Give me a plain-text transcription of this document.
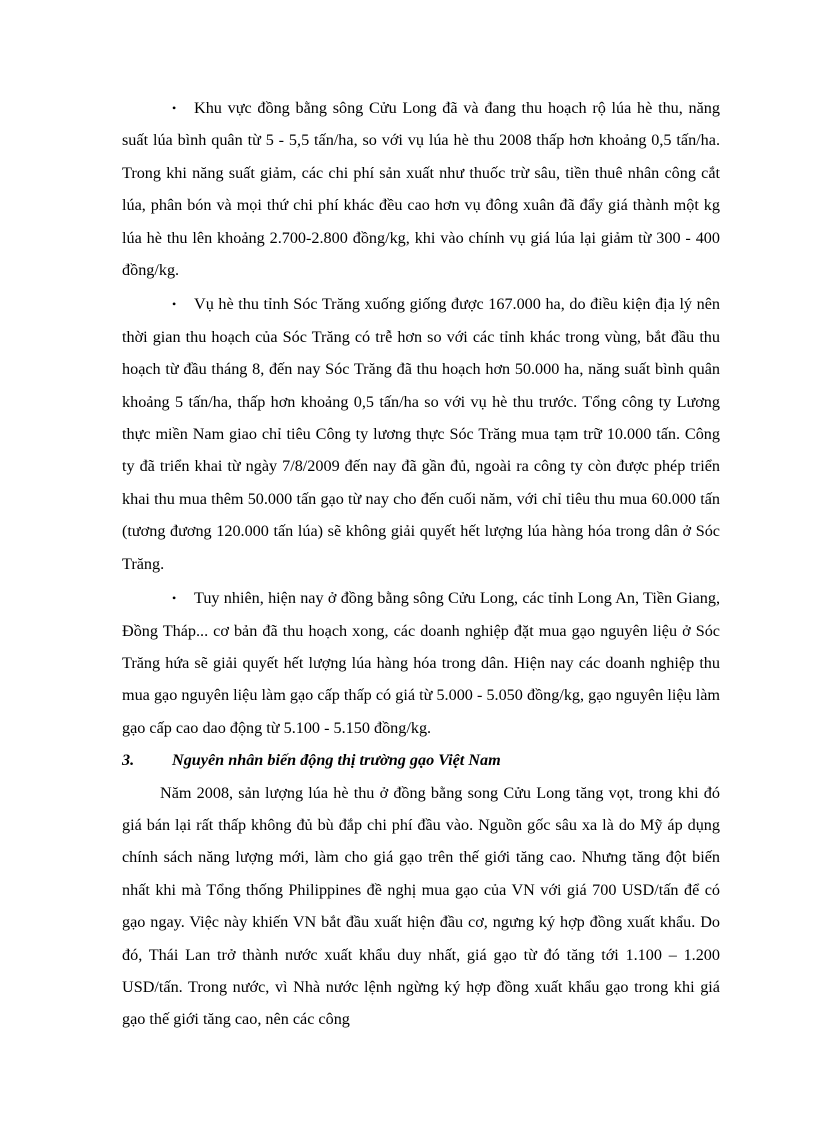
• Khu vực đồng bằng sông Cửu Long đã và đang thu hoạch rộ lúa hè thu, năng suất lúa bình quân từ 5 - 5,5 tấn/ha, so với vụ lúa hè thu 2008 thấp hơn khoảng 0,5 tấn/ha. Trong khi năng suất giảm, các chi phí sản xuất như thuốc trừ sâu, tiền thuê nhân công cắt lúa, phân bón và mọi thứ chi phí khác đều cao hơn vụ đông xuân đã đẩy giá thành một kg lúa hè thu lên khoảng 2.700-2.800 đồng/kg, khi vào chính vụ giá lúa lại giảm từ 300 - 400 đồng/kg.

• Vụ hè thu tỉnh Sóc Trăng xuống giống được 167.000 ha, do điều kiện địa lý nên thời gian thu hoạch của Sóc Trăng có trễ hơn so với các tỉnh khác trong vùng, bắt đầu thu hoạch từ đầu tháng 8, đến nay Sóc Trăng đã thu hoạch hơn 50.000 ha, năng suất bình quân khoảng 5 tấn/ha, thấp hơn khoảng 0,5 tấn/ha so với vụ hè thu trước. Tổng công ty Lương thực miền Nam giao chỉ tiêu Công ty lương thực Sóc Trăng mua tạm trữ 10.000 tấn. Công ty đã triển khai từ ngày 7/8/2009 đến nay đã gần đủ, ngoài ra công ty còn được phép triển khai thu mua thêm 50.000 tấn gạo từ nay cho đến cuối năm, với chỉ tiêu thu mua 60.000 tấn (tương đương 120.000 tấn lúa) sẽ không giải quyết hết lượng lúa hàng hóa trong dân ở Sóc Trăng.

• Tuy nhiên, hiện nay ở đồng bằng sông Cửu Long, các tỉnh Long An, Tiền Giang, Đồng Tháp... cơ bản đã thu hoạch xong, các doanh nghiệp đặt mua gạo nguyên liệu ở Sóc Trăng hứa sẽ giải quyết hết lượng lúa hàng hóa trong dân. Hiện nay các doanh nghiệp thu mua gạo nguyên liệu làm gạo cấp thấp có giá từ 5.000 - 5.050 đồng/kg, gạo nguyên liệu làm gạo cấp cao dao động từ 5.100 - 5.150 đồng/kg.

3.	Nguyên nhân biến động thị trường gạo Việt Nam

Năm 2008, sản lượng lúa hè thu ở đồng bằng song Cửu Long tăng vọt, trong khi đó giá bán lại rất thấp không đủ bù đắp chi phí đầu vào. Nguồn gốc sâu xa là do Mỹ áp dụng chính sách năng lượng mới, làm cho giá gạo trên thế giới tăng cao. Nhưng tăng đột biến nhất khi mà Tổng thống Philippines đề nghị mua gạo của VN với giá 700 USD/tấn để có gạo ngay. Việc này khiến VN bắt đầu xuất hiện đầu cơ, ngưng ký hợp đồng xuất khẩu. Do đó, Thái Lan trở thành nước xuất khẩu duy nhất, giá gạo từ đó tăng tới 1.100 – 1.200 USD/tấn. Trong nước, vì Nhà nước lệnh ngừng ký hợp đồng xuất khẩu gạo trong khi giá gạo thế giới tăng cao, nên các công
